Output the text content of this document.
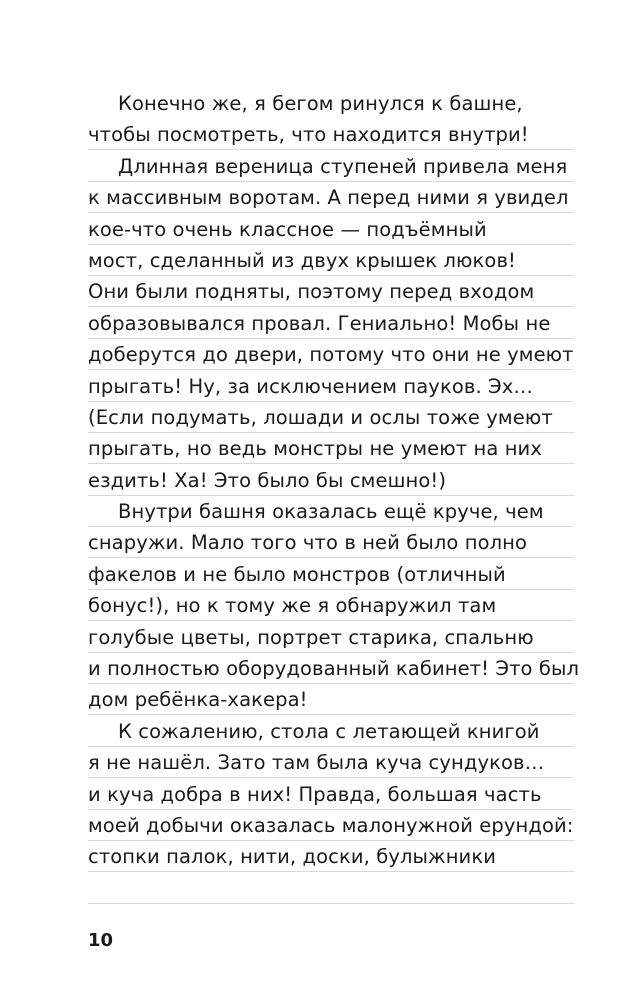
Конечно же, я бегом ринулся к башне,
чтобы посмотреть, что находится внутри!
Длинная вереница ступеней привела меня
к массивным воротам. А перед ними я увидел
кое-что очень классное — подъёмный
мост, сделанный из двух крышек люков!
Они были подняты, поэтому перед входом
образовывался провал. Гениально! Мобы не
доберутся до двери, потому что они не умеют
прыгать! Ну, за исключением пауков. Эх…
(Если подумать, лошади и ослы тоже умеют
прыгать, но ведь монстры не умеют на них
ездить! Ха! Это было бы смешно!)
Внутри башня оказалась ещё круче, чем
снаружи. Мало того что в ней было полно
факелов и не было монстров (отличный
бонус!), но к тому же я обнаружил там
голубые цветы, портрет старика, спальню
и полностью оборудованный кабинет! Это был
дом ребёнка-хакера!
К сожалению, стола с летающей книгой
я не нашёл. Зато там была куча сундуков…
и куча добра в них! Правда, большая часть
моей добычи оказалась малонужной ерундой:
стопки палок, нити, доски, булыжники
10
